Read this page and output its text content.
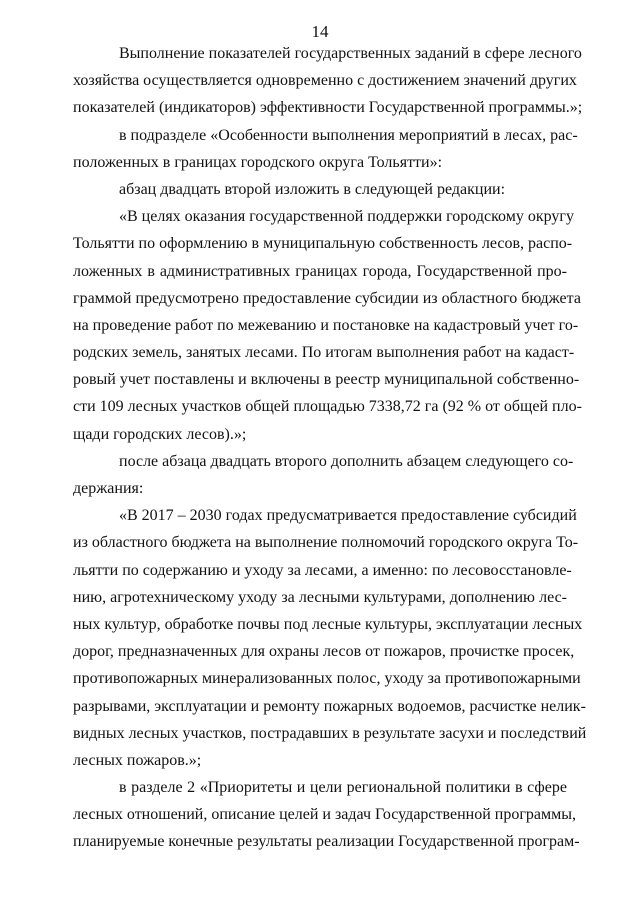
14
Выполнение показателей государственных заданий в сфере лесного
хозяйства осуществляется одновременно с достижением значений других
показателей (индикаторов) эффективности Государственной программы.»;
в подразделе «Особенности выполнения мероприятий в лесах, рас-
положенных в границах городского округа Тольятти»:
абзац двадцать второй изложить в следующей редакции:
«В целях оказания государственной поддержки городскому округу
Тольятти по оформлению в муниципальную собственность лесов, распо-
ложенных в административных границах города, Государственной про-
граммой предусмотрено предоставление субсидии из областного бюджета
на проведение работ по межеванию и постановке на кадастровый учет го-
родских земель, занятых лесами. По итогам выполнения работ на кадаст-
ровый учет поставлены и включены в реестр муниципальной собственно-
сти 109 лесных участков общей площадью 7338,72 га (92 % от общей пло-
щади городских лесов).»;
после абзаца двадцать второго дополнить абзацем следующего со-
держания:
«В 2017 – 2030 годах предусматривается предоставление субсидий
из областного бюджета на выполнение полномочий городского округа То-
льятти по содержанию и уходу за лесами, а именно: по лесовосстановле-
нию, агротехническому уходу за лесными культурами, дополнению лес-
ных культур, обработке почвы под лесные культуры, эксплуатации лесных
дорог, предназначенных для охраны лесов от пожаров, прочистке просек,
противопожарных минерализованных полос, уходу за противопожарными
разрывами, эксплуатации и ремонту пожарных водоемов, расчистке нелик-
видных лесных участков, пострадавших в результате засухи и последствий
лесных пожаров.»;
в разделе 2 «Приоритеты и цели региональной политики в сфере
лесных отношений, описание целей и задач Государственной программы,
планируемые конечные результаты реализации Государственной програм-
